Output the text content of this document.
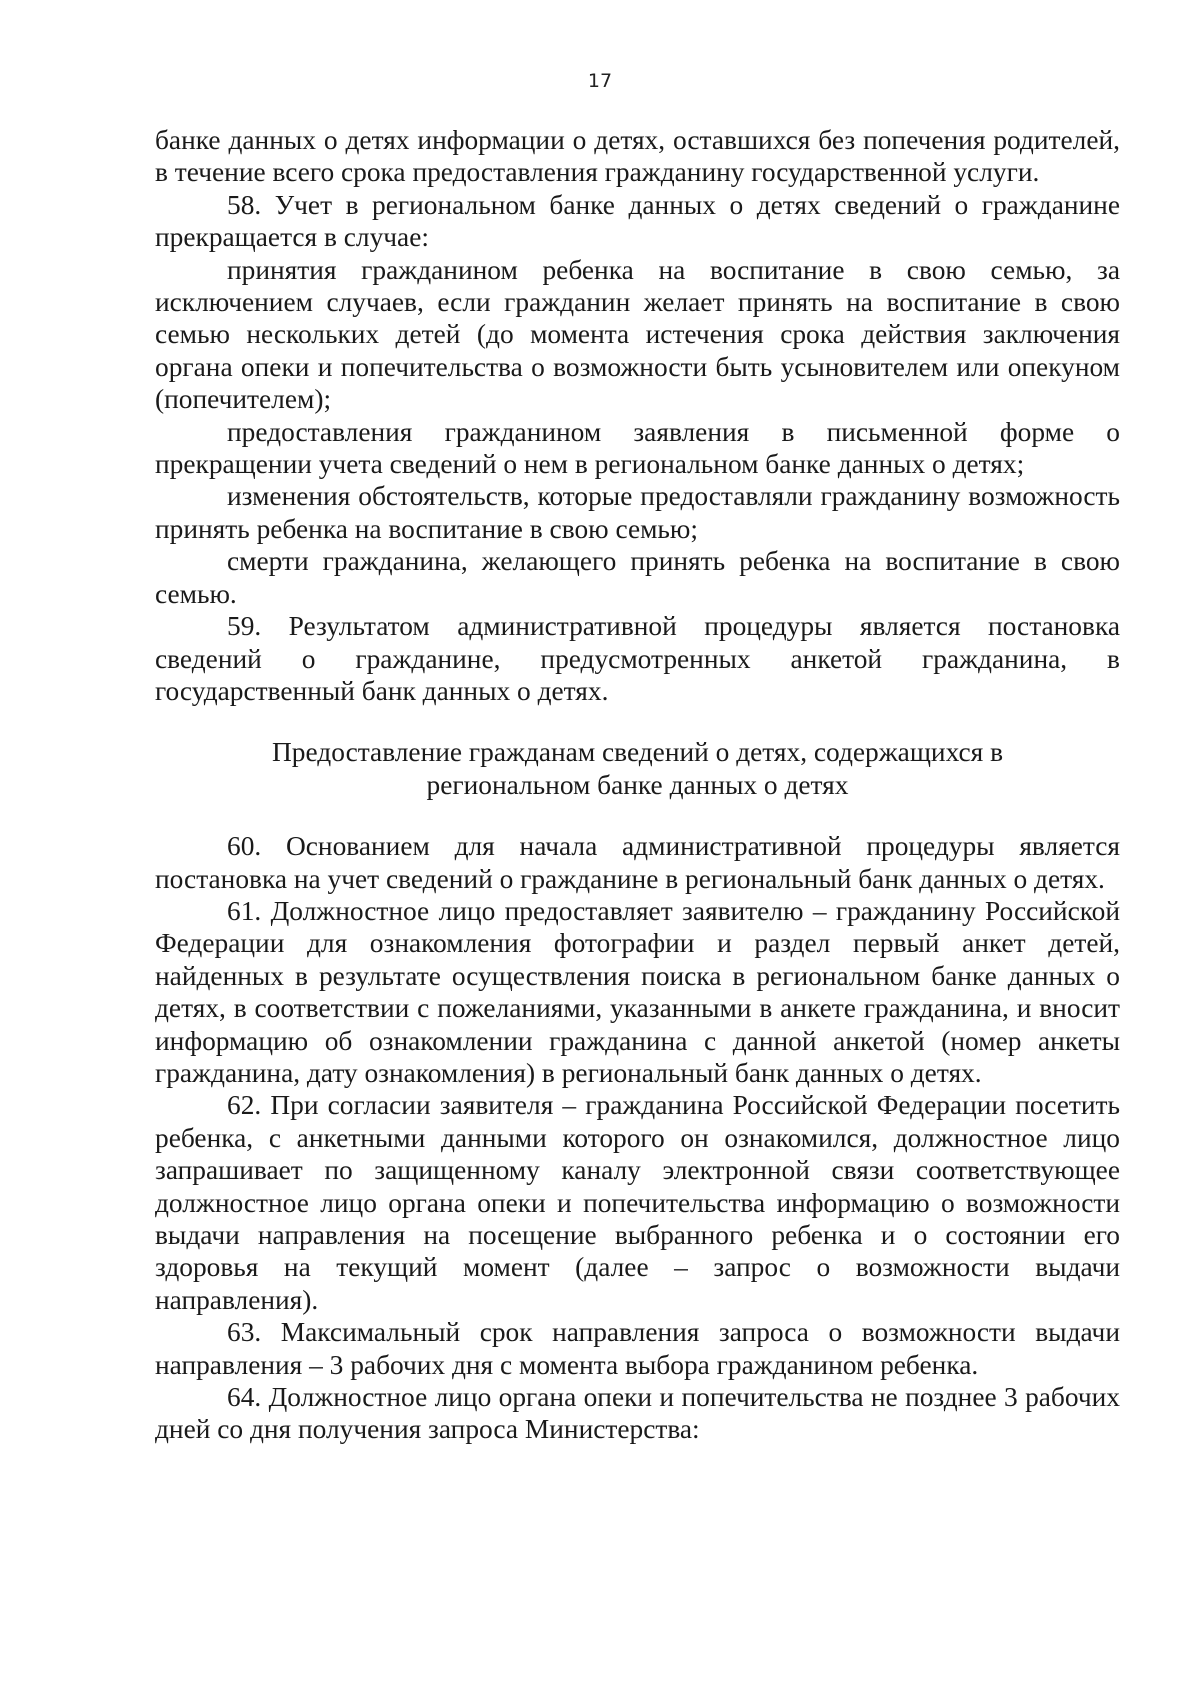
17

банке данных о детях информации о детях, оставшихся без попечения родителей, в течение всего срока предоставления гражданину государственной услуги.

58. Учет в региональном банке данных о детях сведений о гражданине прекращается в случае:

принятия гражданином ребенка на воспитание в свою семью, за исключением случаев, если гражданин желает принять на воспитание в свою семью нескольких детей (до момента истечения срока действия заключения органа опеки и попечительства о возможности быть усыновителем или опекуном (попечителем);

предоставления гражданином заявления в письменной форме о прекращении учета сведений о нем в региональном банке данных о детях;

изменения обстоятельств, которые предоставляли гражданину возможность принять ребенка на воспитание в свою семью;

смерти гражданина, желающего принять ребенка на воспитание в свою семью.

59. Результатом административной процедуры является постановка сведений о гражданине, предусмотренных анкетой гражданина, в государственный банк данных о детях.

Предоставление гражданам сведений о детях, содержащихся в региональном банке данных о детях

60. Основанием для начала административной процедуры является постановка на учет сведений о гражданине в региональный банк данных о детях.

61. Должностное лицо предоставляет заявителю – гражданину Российской Федерации для ознакомления фотографии и раздел первый анкет детей, найденных в результате осуществления поиска в региональном банке данных о детях, в соответствии с пожеланиями, указанными в анкете гражданина, и вносит информацию об ознакомлении гражданина с данной анкетой (номер анкеты гражданина, дату ознакомления) в региональный банк данных о детях.

62. При согласии заявителя – гражданина Российской Федерации посетить ребенка, с анкетными данными которого он ознакомился, должностное лицо запрашивает по защищенному каналу электронной связи соответствующее должностное лицо органа опеки и попечительства информацию о возможности выдачи направления на посещение выбранного ребенка и о состоянии его здоровья на текущий момент (далее – запрос о возможности выдачи направления).

63. Максимальный срок направления запроса о возможности выдачи направления – 3 рабочих дня с момента выбора гражданином ребенка.

64. Должностное лицо органа опеки и попечительства не позднее 3 рабочих дней со дня получения запроса Министерства:
